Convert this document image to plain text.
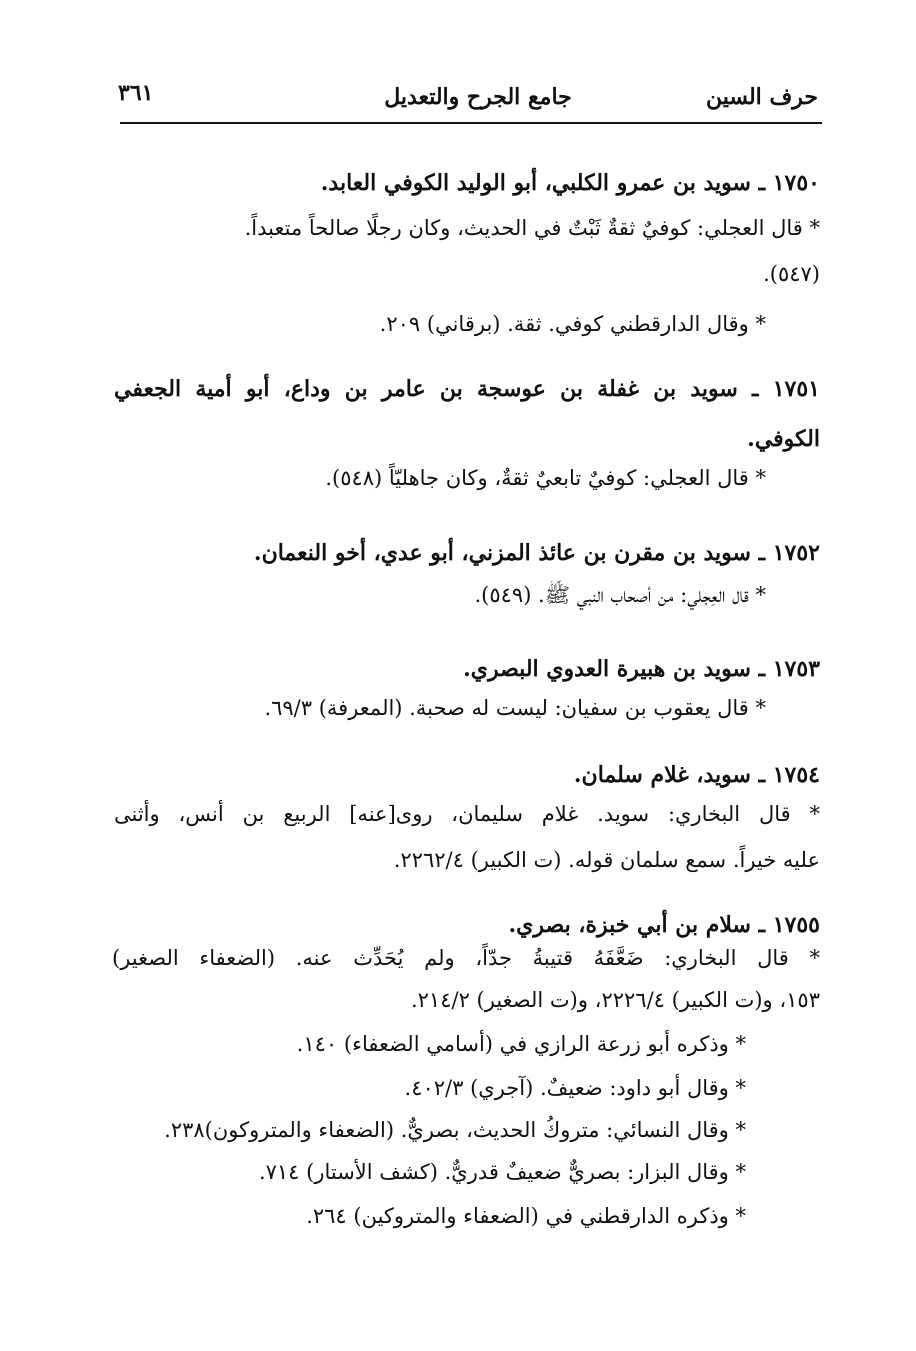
حرف السين
جامع الجرح والتعديل
٣٦١
١٧٥٠ ـ سويد بن عمرو الكلبي، أبو الوليد الكوفي العابد.
* قال العجلي: كوفيٌ ثقةٌ ثَبْتٌ في الحديث، وكان رجلًا صالحاً متعبداً.
(٥٤٧).
* وقال الدارقطني كوفي. ثقة. (برقاني) ٢٠٩.
١٧٥١ ـ سويد بن غفلة بن عوسجة بن عامر بن وداع، أبو أمية الجعفي
الكوفي.
* قال العجلي: كوفيٌ تابعيٌ ثقةٌ، وكان جاهليّاً (٥٤٨).
١٧٥٢ ـ سويد بن مقرن بن عائذ المزني، أبو عدي، أخو النعمان.
* قال العِجلي: من أصحاب النبي ﷺ. (٥٤٩).
١٧٥٣ ـ سويد بن هبيرة العدوي البصري.
* قال يعقوب بن سفيان: ليست له صحبة. (المعرفة) ٦٩/٣.
١٧٥٤ ـ سويد، غلام سلمان.
* قال البخاري: سويد. غلام سليمان، روى[عنه] الربيع بن أنس، وأثنى
عليه خيراً. سمع سلمان قوله. (ت الكبير) ٢٢٦٢/٤.
١٧٥٥ ـ سلام بن أبي خبزة، بصري.
* قال البخاري: ضَعَّفَهُ قتيبةُ جدّاً، ولم يُحَدِّث عنه. (الضعفاء الصغير)
١٥٣، و(ت الكبير) ٢٢٢٦/٤، و(ت الصغير) ٢١٤/٢.
* وذكره أبو زرعة الرازي في (أسامي الضعفاء) ١٤٠.
* وقال أبو داود: ضعيفٌ. (آجري) ٤٠٢/٣.
* وقال النسائي: متروكُ الحديث، بصريٌّ. (الضعفاء والمتروكون)٢٣٨.
* وقال البزار: بصريٌّ ضعيفٌ قدريٌّ. (كشف الأستار) ٧١٤.
* وذكره الدارقطني في (الضعفاء والمتروكين) ٢٦٤.
